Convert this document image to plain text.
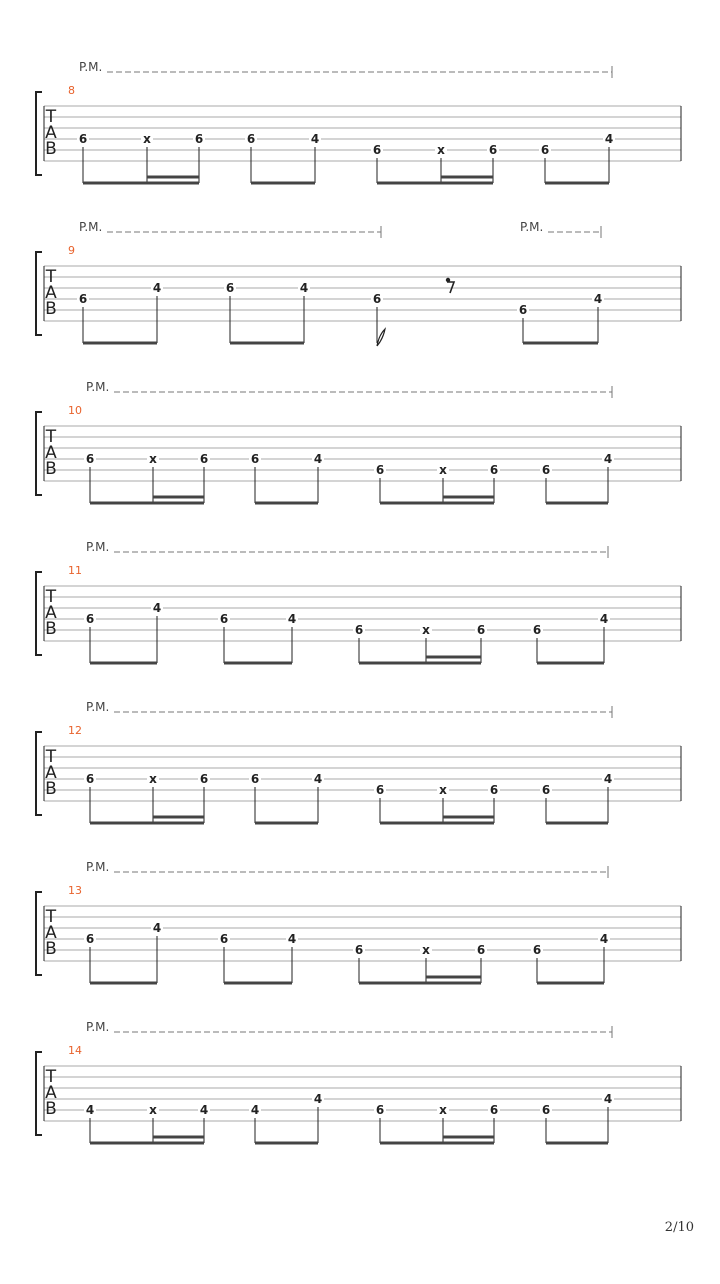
T
A
B
8
P.M.
6	x	6	6	4
6	x	6	6
4
T
A
B
9
P.M.	P.M.
6
4	6	4
6
6
4
T
A
B
10
P.M.
6	x	6	6	4
6	x	6	6
4
T
A
B
11
P.M.
6
4
6	4
6	x	6	6
4
T
A
B
12
P.M.
6	x	6	6	4
6	x	6	6
4
T
A
B
13
P.M.
6
4
6	4
6	x	6	6
4
T
A
B
14
P.M.
4	x	4	4
4
6	x	6	6
4
2/10
